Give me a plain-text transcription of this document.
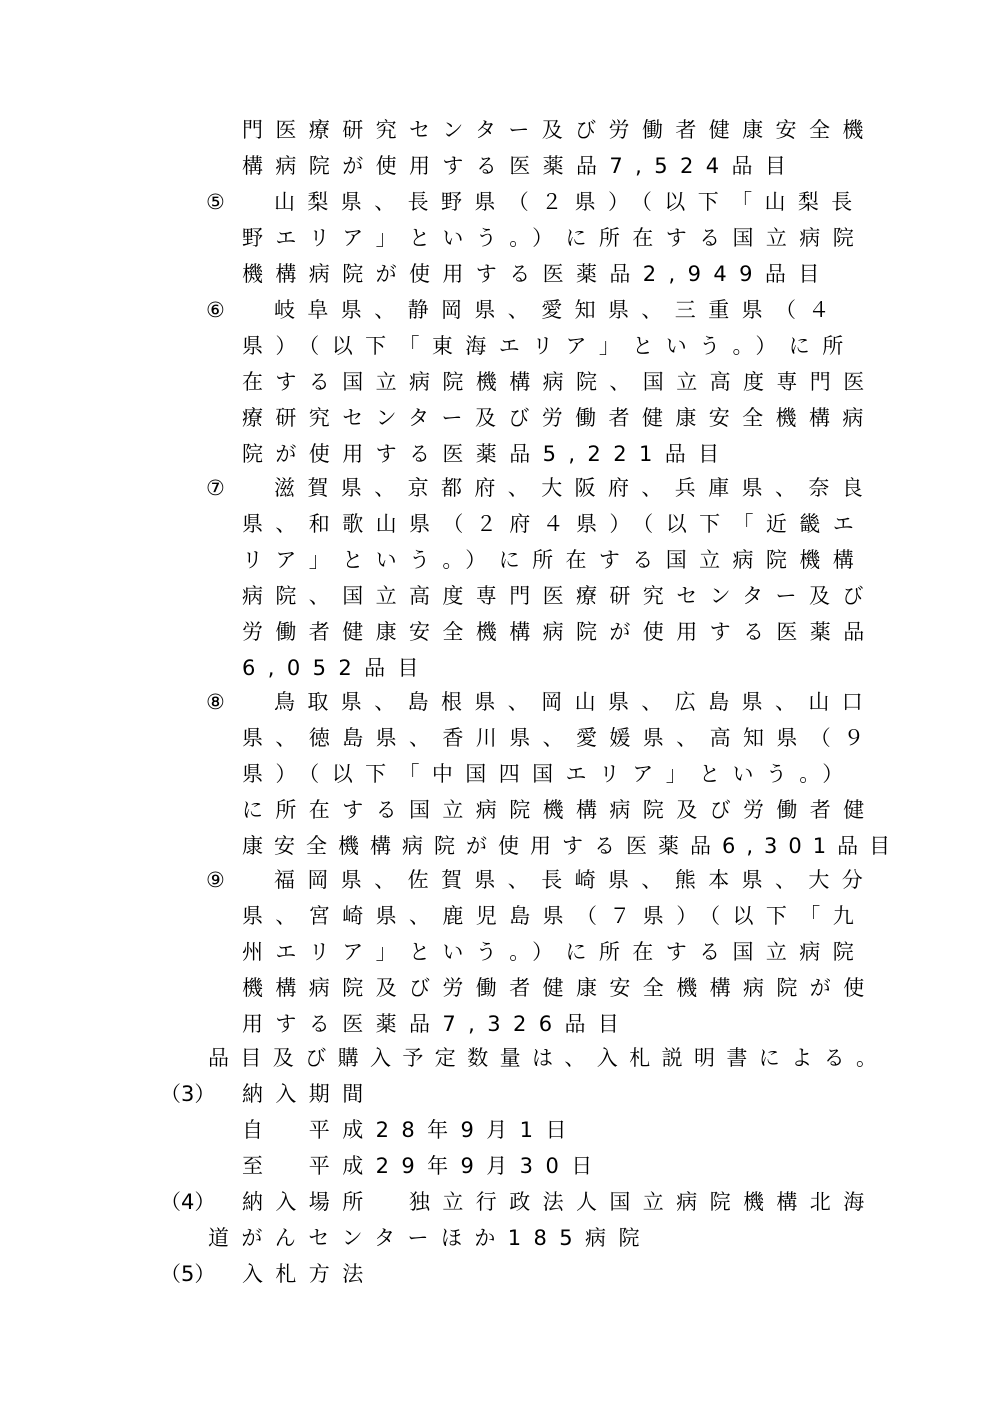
門医療研究センター及び労働者健康安全機
構病院が使用する医薬品7,524品目
⑤ 山梨県、長野県（２県）（以下「山梨長
野エリア」という。）に所在する国立病院
機構病院が使用する医薬品2,949品目
⑥ 岐阜県、静岡県、愛知県、三重県（４
県）（以下「東海エリア」という。）に所
在する国立病院機構病院、国立高度専門医
療研究センター及び労働者健康安全機構病
院が使用する医薬品5,221品目
⑦ 滋賀県、京都府、大阪府、兵庫県、奈良
県、和歌山県（２府４県）（以下「近畿エ
リア」という。）に所在する国立病院機構
病院、国立高度専門医療研究センター及び
労働者健康安全機構病院が使用する医薬品
6,052品目
⑧ 鳥取県、島根県、岡山県、広島県、山口
県、徳島県、香川県、愛媛県、高知県（９
県）（以下「中国四国エリア」という。）
に所在する国立病院機構病院及び労働者健
康安全機構病院が使用する医薬品6,301品目
⑨ 福岡県、佐賀県、長崎県、熊本県、大分
県、宮崎県、鹿児島県（７県）（以下「九
州エリア」という。）に所在する国立病院
機構病院及び労働者健康安全機構病院が使
用する医薬品7,326品目
品目及び購入予定数量は、入札説明書による。
（3） 納入期間
自　平成28年9月1日
至　平成29年9月30日
（4） 納入場所　独立行政法人国立病院機構北海
道がんセンターほか185病院
（5） 入札方法
